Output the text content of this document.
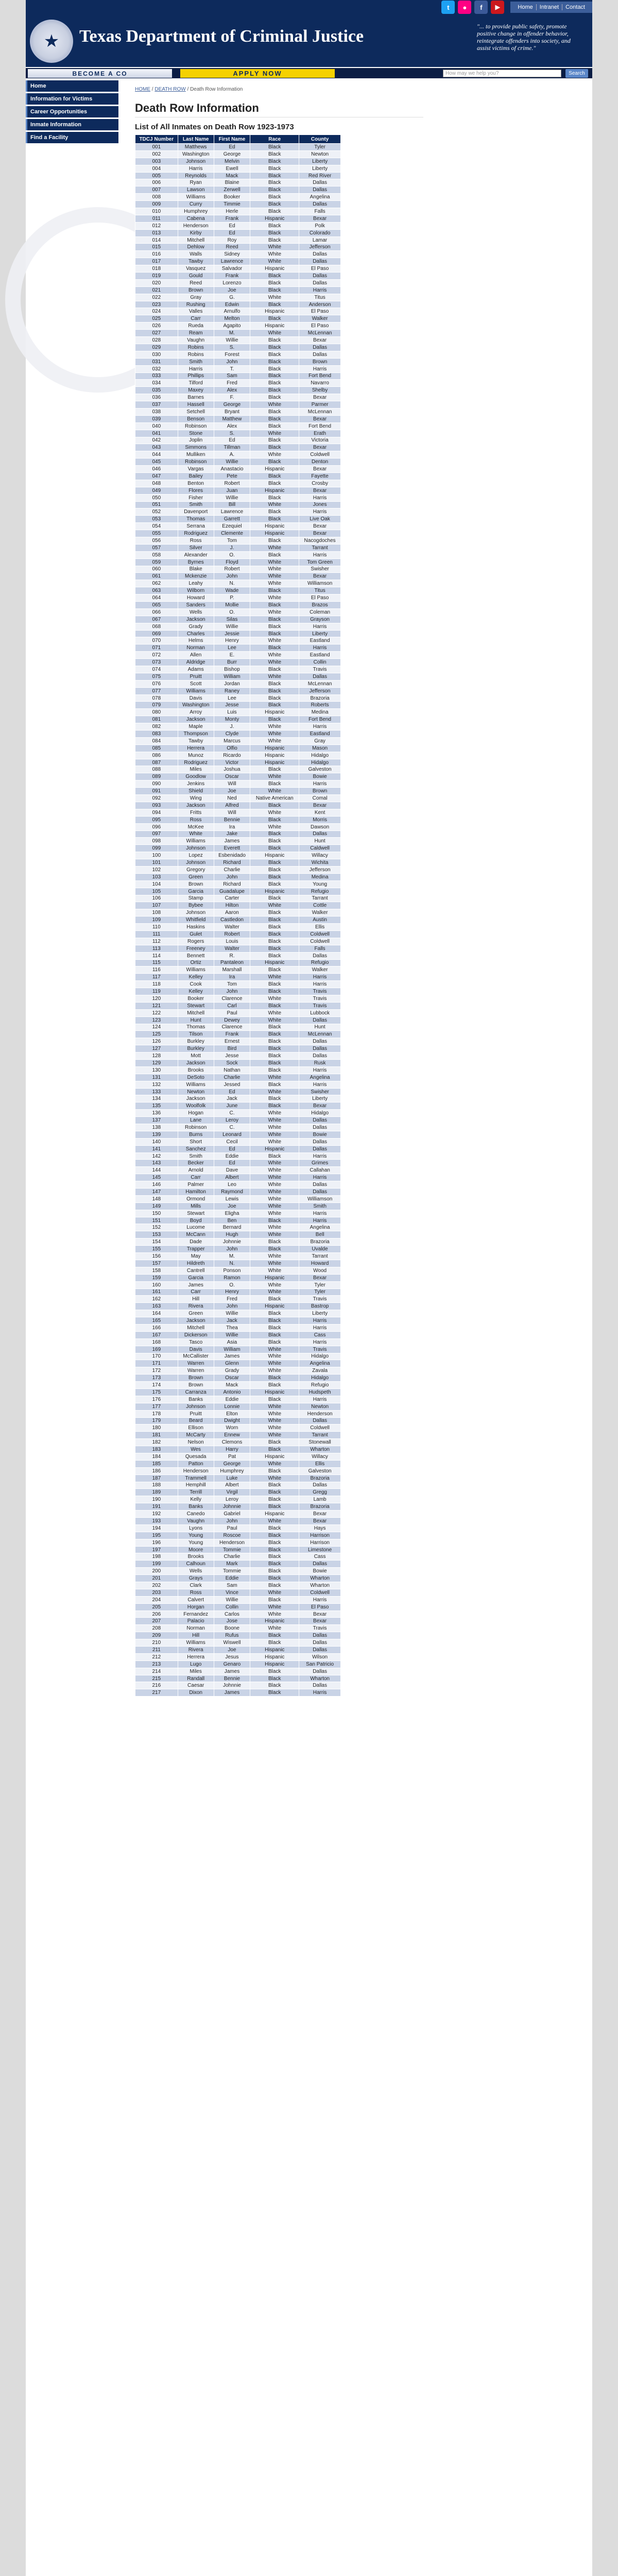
t	●	f	▶	Home	Intranet	Contact
★ Texas Department of Criminal Justice
"... to provide public safety, promote positive change in offender behavior, reintegrate offenders into society, and assist victims of crime."
BECOME A CO	APPLY NOW	How may we help you?	Search
Home
Information for Victims
Career Opportunities
Inmate Information
Find a Facility
HOME / DEATH ROW / Death Row Information
Death Row Information
List of All Inmates on Death Row 1923-1973
TDCJ Number	Last Name	First Name	Race	County
001	Matthews	Ed	Black	Tyler
002	Washington	George	Black	Newton
003	Johnson	Melvin	Black	Liberty
004	Harris	Ewell	Black	Liberty
005	Reynolds	Mack	Black	Red River
006	Ryan	Blaine	Black	Dallas
007	Lawson	Zerwell	Black	Dallas
008	Williams	Booker	Black	Angelina
009	Curry	Timmie	Black	Dallas
010	Humphrey	Herle	Black	Falls
011	Cabena	Frank	Hispanic	Bexar
012	Henderson	Ed	Black	Polk
013	Kirby	Ed	Black	Colorado
014	Mitchell	Roy	Black	Lamar
015	Dehlow	Reed	White	Jefferson
016	Walls	Sidney	White	Dallas
017	Tawby	Lawrence	White	Dallas
018	Vasquez	Salvador	Hispanic	El Paso
019	Gould	Frank	Black	Dallas
020	Reed	Lorenzo	Black	Dallas
021	Brown	Joe	Black	Harris
022	Gray	G.	White	Titus
023	Rushing	Edwin	Black	Anderson
024	Valles	Arnulfo	Hispanic	El Paso
025	Carr	Melton	Black	Walker
026	Rueda	Agapito	Hispanic	El Paso
027	Ream	M.	White	McLennan
028	Vaughn	Willie	Black	Bexar
029	Robins	S.	Black	Dallas
030	Robins	Forest	Black	Dallas
031	Smith	John	Black	Brown
032	Harris	T.	Black	Harris
033	Phillips	Sam	Black	Fort Bend
034	Tilford	Fred	Black	Navarro
035	Maxey	Alex	Black	Shelby
036	Barnes	F.	Black	Bexar
037	Hassell	George	White	Parmer
038	Setchell	Bryant	Black	McLennan
039	Benson	Matthew	Black	Bexar
040	Robinson	Alex	Black	Fort Bend
041	Stone	S.	White	Erath
042	Joplin	Ed	Black	Victoria
043	Simmons	Tillman	Black	Bexar
044	Mulliken	A.	White	Coldwell
045	Robinson	Willie	Black	Denton
046	Vargas	Anastacio	Hispanic	Bexar
047	Bailey	Pete	Black	Fayette
048	Benton	Robert	Black	Crosby
049	Flores	Juan	Hispanic	Bexar
050	Fisher	Willie	Black	Harris
051	Smith	Bill	White	Jones
052	Davenport	Lawrence	Black	Harris
053	Thomas	Garrett	Black	Live Oak
054	Serrana	Ezequiel	Hispanic	Bexar
055	Rodriguez	Clemente	Hispanic	Bexar
056	Ross	Tom	Black	Nacogdoches
057	Silver	J.	White	Tarrant
058	Alexander	O.	Black	Harris
059	Byrnes	Floyd	White	Tom Green
060	Blake	Robert	White	Swisher
061	Mckenzie	John	White	Bexar
062	Leahy	N.	White	Williamson
063	Wilborn	Wade	Black	Titus
064	Howard	P.	White	El Paso
065	Sanders	Mollie	Black	Brazos
066	Wells	O.	White	Coleman
067	Jackson	Silas	Black	Grayson
068	Grady	Willie	Black	Harris
069	Charles	Jessie	Black	Liberty
070	Helms	Henry	White	Eastland
071	Norman	Lee	Black	Harris
072	Allen	E.	White	Eastland
073	Aldridge	Burr	White	Collin
074	Adams	Bishop	Black	Travis
075	Pruitt	William	White	Dallas
076	Scott	Jordan	Black	McLennan
077	Williams	Raney	Black	Jefferson
078	Davis	Lee	Black	Brazoria
079	Washington	Jesse	Black	Roberts
080	Arroy	Luis	Hispanic	Medina
081	Jackson	Monty	Black	Fort Bend
082	Maple	J.	White	Harris
083	Thompson	Clyde	White	Eastland
084	Tawby	Marcus	White	Gray
085	Herrera	Olfio	Hispanic	Mason
086	Munoz	Ricardo	Hispanic	Hidalgo
087	Rodriguez	Victor	Hispanic	Hidalgo
088	Miles	Joshua	Black	Galveston
089	Goodlow	Oscar	White	Bowie
090	Jenkins	Will	Black	Harris
091	Shield	Joe	White	Brown
092	Wing	Ned	Native American	Comal
093	Jackson	Alfred	Black	Bexar
094	Fritts	Will	White	Kent
095	Ross	Bennie	Black	Morris
096	McKee	Ira	White	Dawson
097	White	Jake	Black	Dallas
098	Williams	James	Black	Hunt
099	Johnson	Everett	Black	Caldwell
100	Lopez	Esbenidado	Hispanic	Willacy
101	Johnson	Richard	Black	Wichita
102	Gregory	Charlie	Black	Jefferson
103	Green	John	Black	Medina
104	Brown	Richard	Black	Young
105	Garcia	Guadalupe	Hispanic	Refugio
106	Stamp	Carter	Black	Tarrant
107	Bybee	Hilton	White	Cottle
108	Johnson	Aaron	Black	Walker
109	Whitfield	Castledon	Black	Austin
110	Haskins	Walter	Black	Ellis
111	Gulet	Robert	Black	Coldwell
112	Rogers	Louis	Black	Coldwell
113	Freeney	Walter	Black	Falls
114	Bennett	R.	Black	Dallas
115	Ortiz	Pantaleon	Hispanic	Refugio
116	Williams	Marshall	Black	Walker
117	Kelley	Ira	White	Harris
118	Cook	Tom	Black	Harris
119	Kelley	John	Black	Travis
120	Booker	Clarence	White	Travis
121	Stewart	Carl	Black	Travis
122	Mitchell	Paul	White	Lubbock
123	Hunt	Dewey	White	Dallas
124	Thomas	Clarence	Black	Hunt
125	Tilson	Frank	Black	McLennan
126	Burkley	Ernest	Black	Dallas
127	Burkley	Bird	Black	Dallas
128	Mott	Jesse	Black	Dallas
129	Jackson	Sock	Black	Rusk
130	Brooks	Nathan	Black	Harris
131	DeSoto	Charlie	White	Angelina
132	Williams	Jessed	Black	Harris
133	Newton	Ed	White	Swisher
134	Jackson	Jack	Black	Liberty
135	Woolfolk	June	Black	Bexar
136	Hogan	C.	White	Hidalgo
137	Lane	Leroy	White	Dallas
138	Robinson	C.	White	Dallas
139	Burns	Leonard	White	Bowie
140	Short	Cecil	White	Dallas
141	Sanchez	Ed	Hispanic	Dallas
142	Smith	Eddie	Black	Harris
143	Becker	Ed	White	Grimes
144	Arnold	Dave	White	Callahan
145	Carr	Albert	White	Harris
146	Palmer	Leo	White	Dallas
147	Hamilton	Raymond	White	Dallas
148	Ormond	Lewis	White	Williamson
149	Mills	Joe	White	Smith
150	Stewart	Eligha	White	Harris
151	Boyd	Ben	Black	Harris
152	Lucome	Bernard	White	Angelina
153	McCann	Hugh	White	Bell
154	Dade	Johnnie	Black	Brazoria
155	Trapper	John	Black	Uvalde
156	May	M.	White	Tarrant
157	Hildreth	N.	White	Howard
158	Cantrell	Ponson	White	Wood
159	Garcia	Ramon	Hispanic	Bexar
160	James	O.	White	Tyler
161	Carr	Henry	White	Tyler
162	Hill	Fred	Black	Travis
163	Rivera	John	Hispanic	Bastrop
164	Green	Willie	Black	Liberty
165	Jackson	Jack	Black	Harris
166	Mitchell	Thea	Black	Harris
167	Dickerson	Willie	Black	Cass
168	Tasco	Asia	Black	Harris
169	Davis	William	White	Travis
170	McCallister	James	White	Hidalgo
171	Warren	Glenn	White	Angelina
172	Warren	Grady	White	Zavala
173	Brown	Oscar	Black	Hidalgo
174	Brown	Mack	Black	Refugio
175	Carranza	Antonio	Hispanic	Hudspeth
176	Banks	Eddie	Black	Harris
177	Johnson	Lonnie	White	Newton
178	Pruitt	Elton	White	Henderson
179	Beard	Dwight	White	Dallas
180	Ellison	Worn	White	Coldwell
181	McCarty	Ennew	White	Tarrant
182	Nelson	Clemons	Black	Stonewall
183	Wes	Harry	Black	Wharton
184	Quesada	Pat	Hispanic	Willacy
185	Patton	George	White	Ellis
186	Henderson	Humphrey	Black	Galveston
187	Trammell	Luke	White	Brazoria
188	Hemphill	Albert	Black	Dallas
189	Terrill	Virgil	Black	Gregg
190	Kelly	Leroy	Black	Lamb
191	Banks	Johnnie	Black	Brazoria
192	Canedo	Gabriel	Hispanic	Bexar
193	Vaughn	John	White	Bexar
194	Lyons	Paul	Black	Hays
195	Young	Roscoe	Black	Harrison
196	Young	Henderson	Black	Harrison
197	Moore	Tommie	Black	Limestone
198	Brooks	Charlie	Black	Cass
199	Calhoun	Mark	Black	Dallas
200	Wells	Tommie	Black	Bowie
201	Grays	Eddie	Black	Wharton
202	Clark	Sam	Black	Wharton
203	Ross	Vince	White	Coldwell
204	Calvert	Willie	Black	Harris
205	Horgan	Collin	White	El Paso
206	Fernandez	Carlos	White	Bexar
207	Palacio	Jose	Hispanic	Bexar
208	Norman	Boone	White	Travis
209	Hill	Rufus	Black	Dallas
210	Williams	Wiswell	Black	Dallas
211	Rivera	Joe	Hispanic	Dallas
212	Herrera	Jesus	Hispanic	Wilson
213	Lugo	Genaro	Hispanic	San Patricio
214	Miles	James	Black	Dallas
215	Randall	Bennie	Black	Wharton
216	Caesar	Johnnie	Black	Dallas
217	Dixon	James	Black	Harris
